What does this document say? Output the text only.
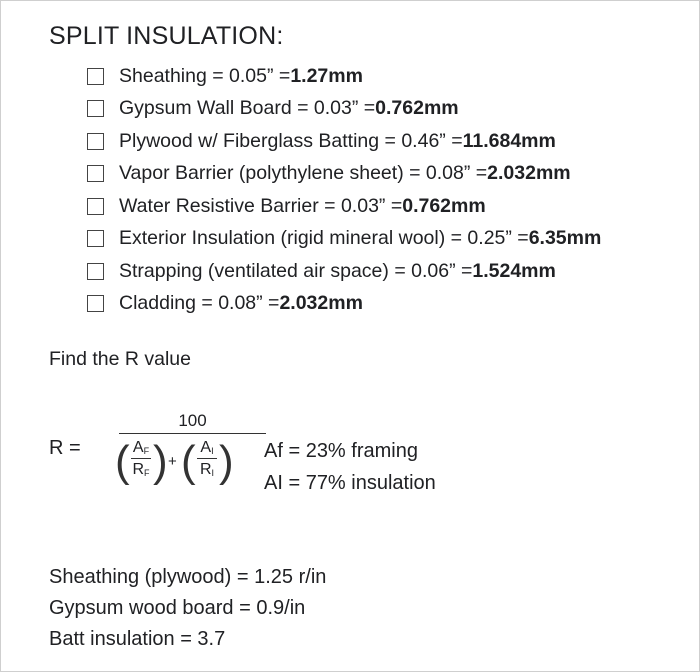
SPLIT INSULATION:
Sheathing = 0.05” = 1.27mm
Gypsum Wall Board = 0.03” = 0.762mm
Plywood w/ Fiberglass Batting = 0.46” = 11.684mm
Vapor Barrier (polythylene sheet) = 0.08” = 2.032mm
Water Resistive Barrier = 0.03” = 0.762mm
Exterior Insulation (rigid mineral wool) = 0.25” = 6.35mm
Strapping (ventilated air space) = 0.06” = 1.524mm
Cladding = 0.08” = 2.032mm
Find the R value
R =
100
( $A_F$
$R_F$ ) + ( $A_I$
$R_I$ ) Af = 23% framing
AI = 77% insulation
Sheathing (plywood) = 1.25 r/in
Gypsum wood board = 0.9/in
Batt insulation = 3.7
